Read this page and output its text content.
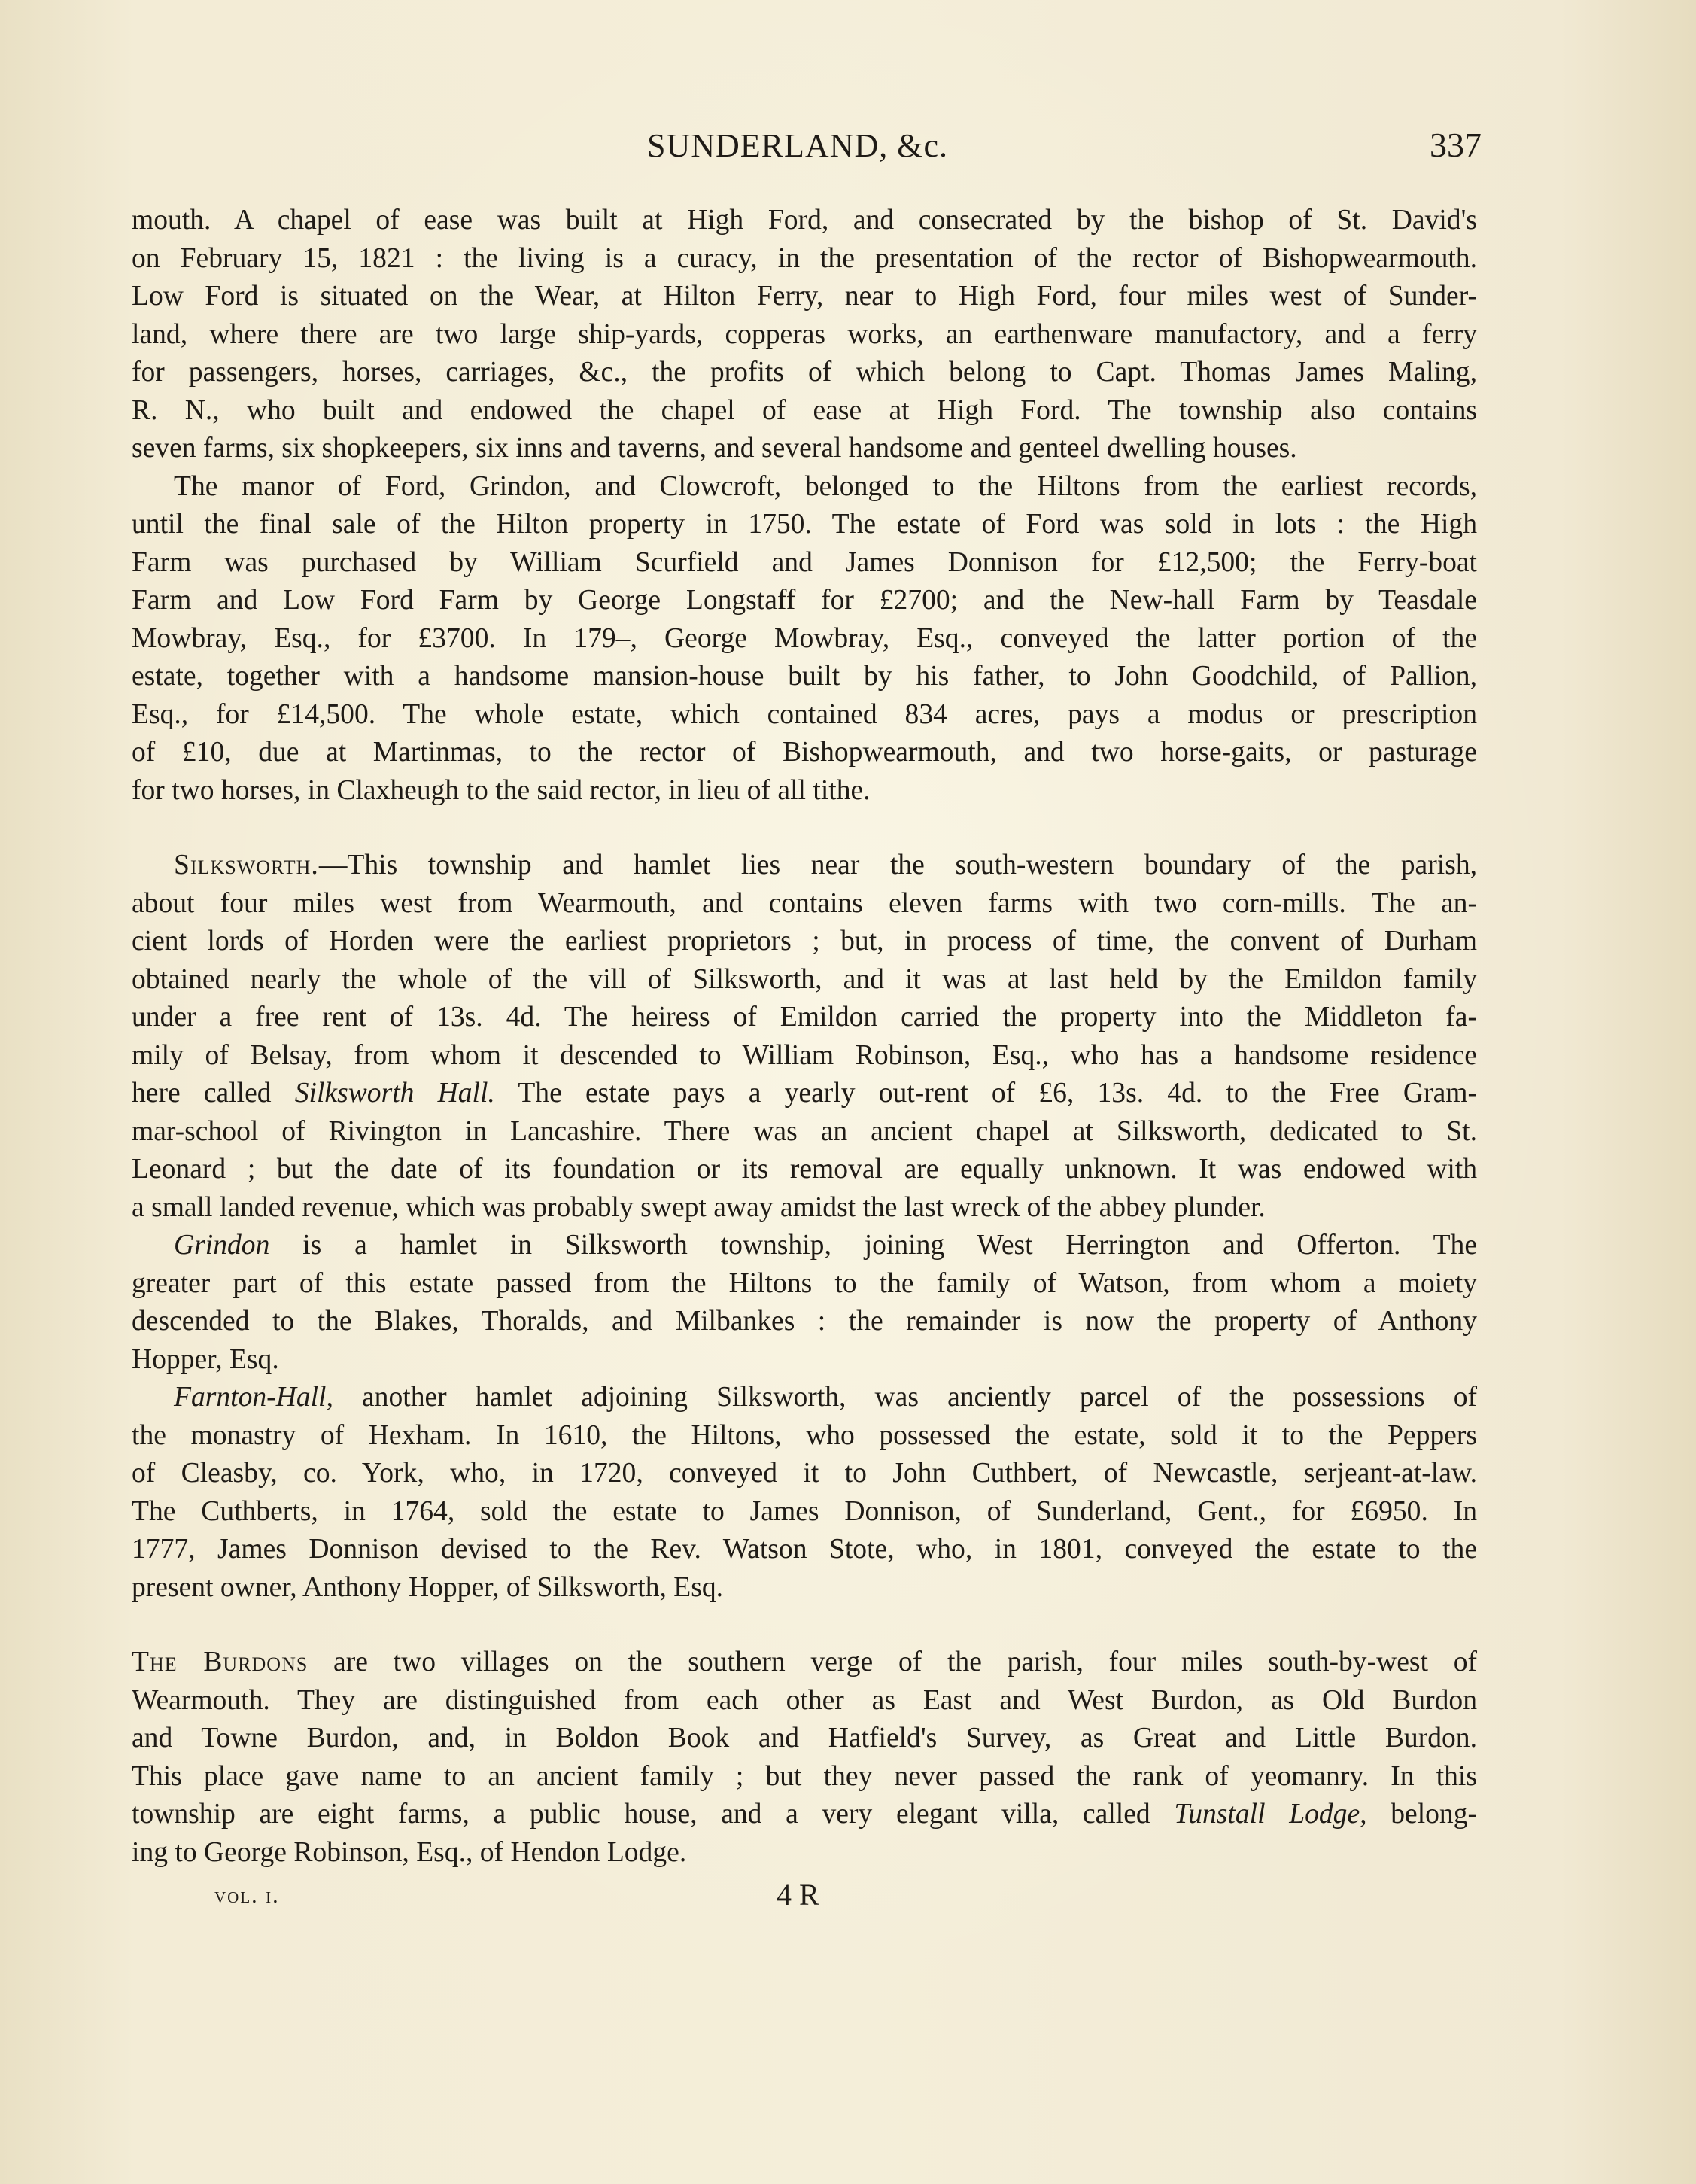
SUNDERLAND, &c.	337
mouth. A chapel of ease was built at High Ford, and consecrated by the bishop of St. David's
on February 15, 1821 : the living is a curacy, in the presentation of the rector of Bishopwearmouth.
Low Ford is situated on the Wear, at Hilton Ferry, near to High Ford, four miles west of Sunder-
land, where there are two large ship-yards, copperas works, an earthenware manufactory, and a ferry
for passengers, horses, carriages, &c., the profits of which belong to Capt. Thomas James Maling,
R. N., who built and endowed the chapel of ease at High Ford. The township also contains
seven farms, six shopkeepers, six inns and taverns, and several handsome and genteel dwelling houses.
The manor of Ford, Grindon, and Clowcroft, belonged to the Hiltons from the earliest records,
until the final sale of the Hilton property in 1750. The estate of Ford was sold in lots : the High
Farm was purchased by William Scurfield and James Donnison for £12,500; the Ferry-boat
Farm and Low Ford Farm by George Longstaff for £2700; and the New-hall Farm by Teasdale
Mowbray, Esq., for £3700. In 179–, George Mowbray, Esq., conveyed the latter portion of the
estate, together with a handsome mansion-house built by his father, to John Goodchild, of Pallion,
Esq., for £14,500. The whole estate, which contained 834 acres, pays a modus or prescription
of £10, due at Martinmas, to the rector of Bishopwearmouth, and two horse-gaits, or pasturage
for two horses, in Claxheugh to the said rector, in lieu of all tithe.
Silksworth.—This township and hamlet lies near the south-western boundary of the parish,
about four miles west from Wearmouth, and contains eleven farms with two corn-mills. The an-
cient lords of Horden were the earliest proprietors ; but, in process of time, the convent of Durham
obtained nearly the whole of the vill of Silksworth, and it was at last held by the Emildon family
under a free rent of 13s. 4d. The heiress of Emildon carried the property into the Middleton fa-
mily of Belsay, from whom it descended to William Robinson, Esq., who has a handsome residence
here called Silksworth Hall. The estate pays a yearly out-rent of £6, 13s. 4d. to the Free Gram-
mar-school of Rivington in Lancashire. There was an ancient chapel at Silksworth, dedicated to St.
Leonard ; but the date of its foundation or its removal are equally unknown. It was endowed with
a small landed revenue, which was probably swept away amidst the last wreck of the abbey plunder.
Grindon is a hamlet in Silksworth township, joining West Herrington and Offerton. The
greater part of this estate passed from the Hiltons to the family of Watson, from whom a moiety
descended to the Blakes, Thoralds, and Milbankes : the remainder is now the property of Anthony
Hopper, Esq.
Farnton-Hall, another hamlet adjoining Silksworth, was anciently parcel of the possessions of
the monastry of Hexham. In 1610, the Hiltons, who possessed the estate, sold it to the Peppers
of Cleasby, co. York, who, in 1720, conveyed it to John Cuthbert, of Newcastle, serjeant-at-law.
The Cuthberts, in 1764, sold the estate to James Donnison, of Sunderland, Gent., for £6950. In
1777, James Donnison devised to the Rev. Watson Stote, who, in 1801, conveyed the estate to the
present owner, Anthony Hopper, of Silksworth, Esq.
The Burdons are two villages on the southern verge of the parish, four miles south-by-west of
Wearmouth. They are distinguished from each other as East and West Burdon, as Old Burdon
and Towne Burdon, and, in Boldon Book and Hatfield's Survey, as Great and Little Burdon.
This place gave name to an ancient family ; but they never passed the rank of yeomanry. In this
township are eight farms, a public house, and a very elegant villa, called Tunstall Lodge, belong-
ing to George Robinson, Esq., of Hendon Lodge.
vol. i.	4 R
